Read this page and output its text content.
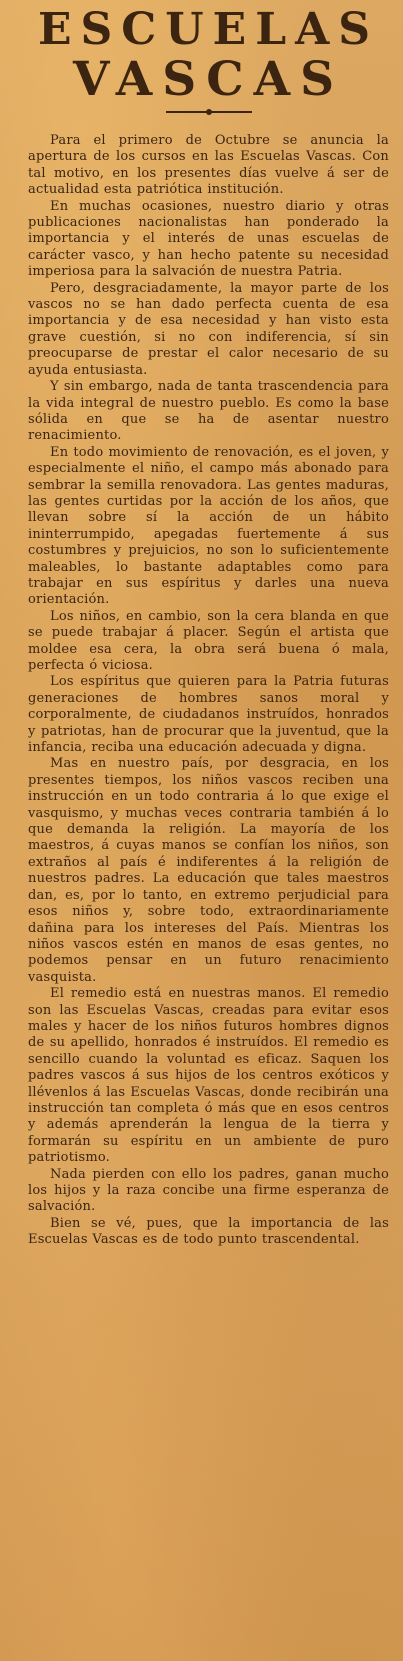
ESCUELAS
VASCAS

Para el primero de Octubre se anuncia la apertura de los cursos en las Escuelas Vascas. Con tal motivo, en los presentes días vuelve á ser de actualidad esta patriótica institución.

En muchas ocasiones, nuestro diario y otras publicaciones nacionalistas han ponderado la importancia y el interés de unas escuelas de carácter vasco, y han hecho patente su necesidad imperiosa para la salvación de nuestra Patria.

Pero, desgraciadamente, la mayor parte de los vascos no se han dado perfecta cuenta de esa importancia y de esa necesidad y han visto esta grave cuestión, si no con indiferencia, sí sin preocuparse de prestar el calor necesario de su ayuda entusiasta.

Y sin embargo, nada de tanta trascendencia para la vida integral de nuestro pueblo. Es como la base sólida en que se ha de asentar nuestro renacimiento.

En todo movimiento de renovación, es el joven, y especialmente el niño, el campo más abonado para sembrar la semilla renovadora. Las gentes maduras, las gentes curtidas por la acción de los años, que llevan sobre sí la acción de un hábito ininterrumpido, apegadas fuertemente á sus costumbres y prejuicios, no son lo suficientemente maleables, lo bastante adaptables como para trabajar en sus espíritus y darles una nueva orientación.

Los niños, en cambio, son la cera blanda en que se puede trabajar á placer. Según el artista que moldee esa cera, la obra será buena ó mala, perfecta ó viciosa.

Los espíritus que quieren para la Patria futuras generaciones de hombres sanos moral y corporalmente, de ciudadanos instruídos, honrados y patriotas, han de procurar que la juventud, que la infancia, reciba una educación adecuada y digna.

Mas en nuestro país, por desgracia, en los presentes tiempos, los niños vascos reciben una instrucción en un todo contraria á lo que exige el vasquismo, y muchas veces contraria también á lo que demanda la religión. La mayoría de los maestros, á cuyas manos se confían los niños, son extraños al país é indiferentes á la religión de nuestros padres. La educación que tales maestros dan, es, por lo tanto, en extremo perjudicial para esos niños y, sobre todo, extraordinariamente dañina para los intereses del País. Mientras los niños vascos estén en manos de esas gentes, no podemos pensar en un futuro renacimiento vasquista.

El remedio está en nuestras manos. El remedio son las Escuelas Vascas, creadas para evitar esos males y hacer de los niños futuros hombres dignos de su apellido, honrados é instruídos. El remedio es sencillo cuando la voluntad es eficaz. Saquen los padres vascos á sus hijos de los centros exóticos y llévenlos á las Escuelas Vascas, donde recibirán una instrucción tan completa ó más que en esos centros y además aprenderán la lengua de la tierra y formarán su espíritu en un ambiente de puro patriotismo.

Nada pierden con ello los padres, ganan mucho los hijos y la raza concibe una firme esperanza de salvación.

Bien se vé, pues, que la importancia de las Escuelas Vascas es de todo punto trascendental.
